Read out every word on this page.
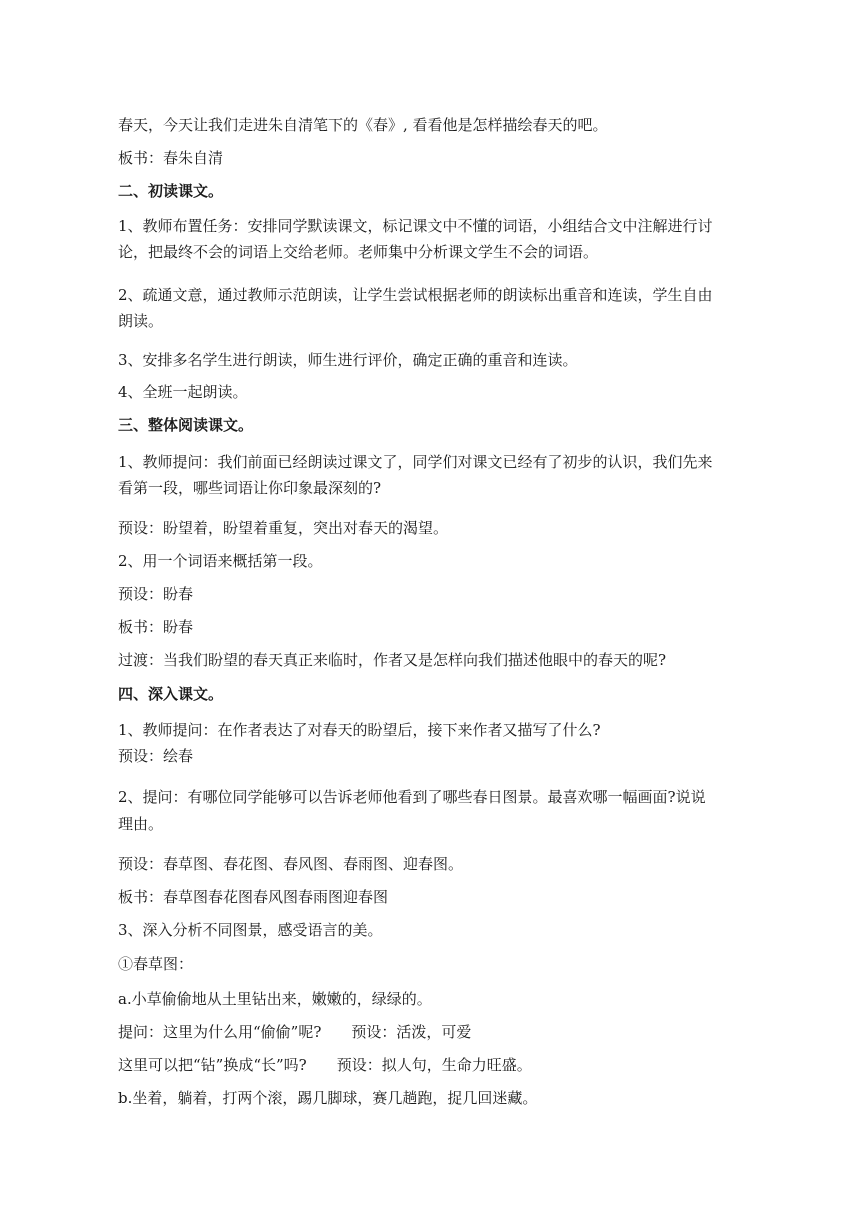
春天，今天让我们走进朱自清笔下的《春》, 看看他是怎样描绘春天的吧。
板书：春朱自清
二、初读课文。
1、教师布置任务：安排同学默读课文，标记课文中不懂的词语，小组结合文中注解进行讨
论，把最终不会的词语上交给老师。老师集中分析课文学生不会的词语。
2、疏通文意，通过教师示范朗读，让学生尝试根据老师的朗读标出重音和连读，学生自由
朗读。
3、安排多名学生进行朗读，师生进行评价，确定正确的重音和连读。
4、全班一起朗读。
三、整体阅读课文。
1、教师提问：我们前面已经朗读过课文了，同学们对课文已经有了初步的认识，我们先来
看第一段，哪些词语让你印象最深刻的?
预设：盼望着，盼望着重复，突出对春天的渴望。
2、用一个词语来概括第一段。
预设：盼春
板书：盼春
过渡：当我们盼望的春天真正来临时，作者又是怎样向我们描述他眼中的春天的呢?
四、深入课文。
1、教师提问：在作者表达了对春天的盼望后，接下来作者又描写了什么?
预设：绘春
2、提问：有哪位同学能够可以告诉老师他看到了哪些春日图景。最喜欢哪一幅画面?说说
理由。
预设：春草图、春花图、春风图、春雨图、迎春图。
板书：春草图春花图春风图春雨图迎春图
3、深入分析不同图景，感受语言的美。
①春草图：
a.小草偷偷地从土里钻出来，嫩嫩的，绿绿的。
提问：这里为什么用“偷偷”呢?　　预设：活泼，可爱
这里可以把“钻”换成“长”吗?　　预设：拟人句，生命力旺盛。
b.坐着，躺着，打两个滚，踢几脚球，赛几趟跑，捉几回迷藏。
